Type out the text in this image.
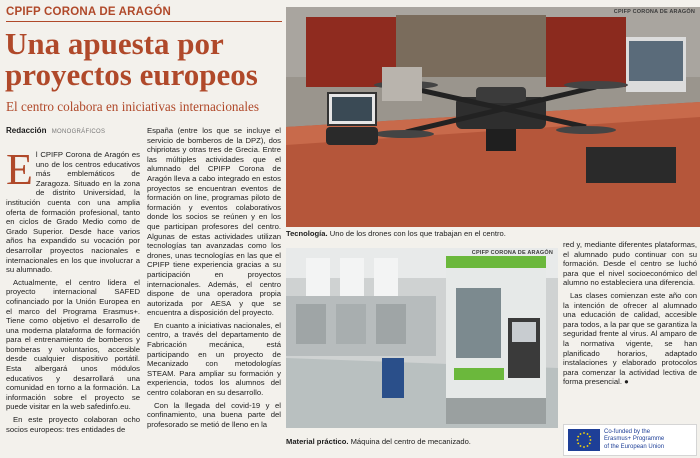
CPIFP CORONA DE ARAGÓN
Una apuesta por proyectos europeos
El centro colabora en iniciativas internacionales
Redacción MONOGRÁFICOS
E l CPIFP Corona de Aragón es uno de los centros educativos más emblemáticos de Zaragoza. Situado en la zona de distrito Universidad, la institución cuenta con una amplia oferta de formación profesional, tanto en ciclos de Grado Medio como de Grado Superior. Desde hace varios años ha expandido su vocación por desarrollar proyectos nacionales e internacionales en los que involucrar a su alumnado.

Actualmente, el centro lidera el proyecto internacional SAFED cofinanciado por la Unión Europea en el marco del Programa Erasmus+. Tiene como objetivo el desarrollo de una moderna plataforma de formación para el entrenamiento de bomberos y bomberas y voluntarios, accesible desde cualquier dispositivo portátil. Esta albergará unos módulos educativos y desarrollará una comunidad en torno a la formación. La información sobre el proyecto se puede visitar en la web safedinfo.eu.

En este proyecto colaboran ocho socios europeos: tres entidades de

España (entre los que se incluye el servicio de bomberos de la DPZ), dos chipriotas y otras tres de Grecia. Entre las múltiples actividades que el alumnado del CPIFP Corona de Aragón lleva a cabo integrado en estos proyectos se encuentran eventos de formación on line, programas piloto de formación y eventos colaborativos donde los socios se reúnen y en los que participan profesores del centro. Algunas de estas actividades utilizan tecnologías tan avanzadas como los drones, unas tecnologías en las que el CPIFP tiene experiencia gracias a su participación en proyectos internacionales. Además, el centro dispone de una operadora propia autorizada por AESA y que se encuentra a disposición del proyecto.

En cuanto a iniciativas nacionales, el centro, a través del departamento de Fabricación mecánica, está participando en un proyecto de Mecanizado con metodologías STEAM. Para ampliar su formación y experiencia, todos los alumnos del centro colaboran en su desarrollo.

Con la llegada del covid-19 y el confinamiento, una buena parte del profesorado se metió de lleno en la

CPIFP CORONA DE ARAGÓN
Tecnología. Uno de los drones con los que trabajan en el centro.
CPIFP CORONA DE ARAGÓN
Material práctico. Máquina del centro de mecanizado.

red y, mediante diferentes plataformas, el alumnado pudo continuar con su formación. Desde el centro se luchó para que el nivel socioeconómico del alumno no estableciera una diferencia.

Las clases comienzan este año con la intención de ofrecer al alumnado una educación de calidad, accesible para todos, a la par que se garantiza la seguridad frente al virus. Al amparo de la normativa vigente, se han planificado horarios, adaptado instalaciones y elaborado protocolos para comenzar la actividad lectiva de forma presencial. ●

Co-funded by the
Erasmus+ Programme
of the European Union
